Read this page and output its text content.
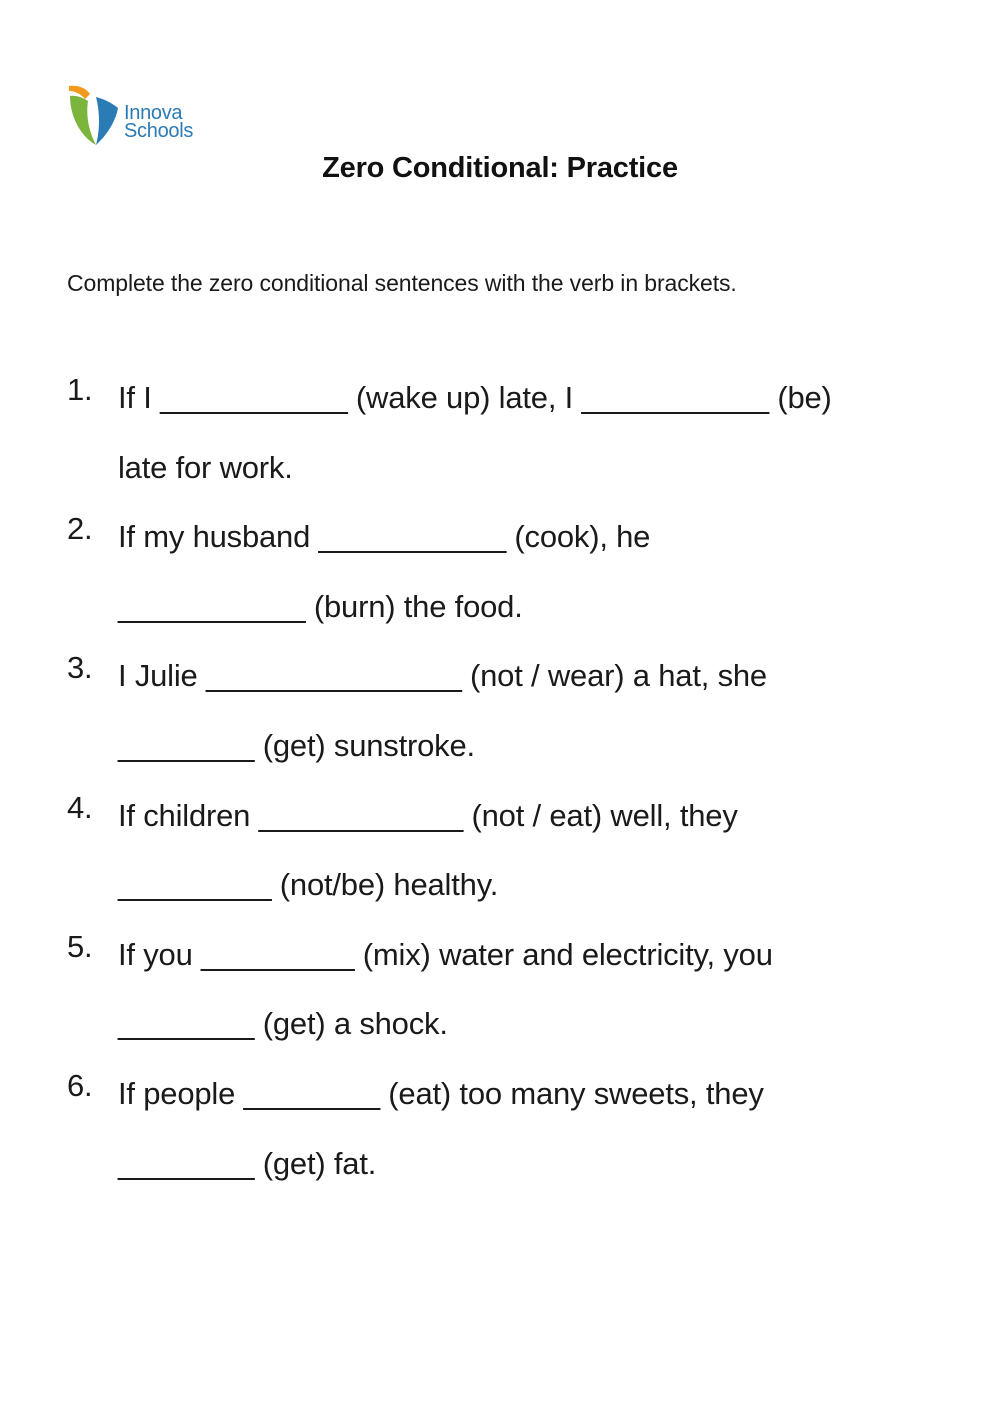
Innova
Schools
Zero Conditional: Practice
Complete the zero conditional sentences with the verb in brackets.
1. If I ___________ (wake up) late, I ___________ (be)
late for work.
2. If my husband ___________ (cook), he
___________ (burn) the food.
3. I Julie _______________ (not / wear) a hat, she
________ (get) sunstroke.
4. If children ____________ (not / eat) well, they
_________ (not/be) healthy.
5. If you _________ (mix) water and electricity, you
________ (get) a shock.
6. If people ________ (eat) too many sweets, they
________ (get) fat.
